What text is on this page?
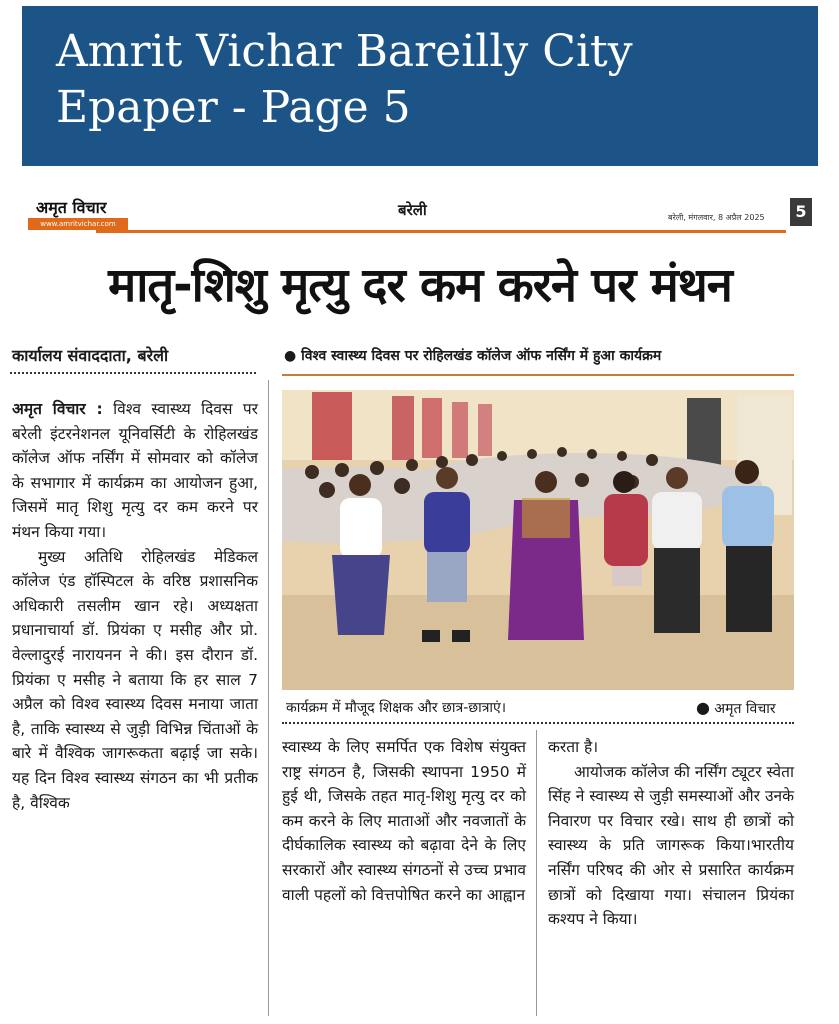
Amrit Vichar Bareilly City
Epaper - Page 5
अमृत विचार
www.amritvichar.com
बरेली	बरेली, मंगलवार, 8 अप्रैल 2025	5
मातृ-शिशु मृत्यु दर कम करने पर मंथन
कार्यालय संवाददाता, बरेली	● विश्व स्वास्थ्य दिवस पर रोहिलखंड कॉलेज ऑफ नर्सिंग में हुआ कार्यक्रम
कार्यक्रम में मौजूद शिक्षक और छात्र-छात्राएं।	● अमृत विचार

अमृत विचार : विश्व स्वास्थ्य दिवस पर बरेली इंटरनेशनल यूनिवर्सिटी के रोहिलखंड कॉलेज ऑफ नर्सिंग में सोमवार को कॉलेज के सभागार में कार्यक्रम का आयोजन हुआ, जिसमें मातृ शिशु मृत्यु दर कम करने पर मंथन किया गया।

मुख्य अतिथि रोहिलखंड मेडिकल कॉलेज एंड हॉस्पिटल के वरिष्ठ प्रशासनिक अधिकारी तसलीम खान रहे। अध्यक्षता प्रधानाचार्या डॉ. प्रियंका ए मसीह और प्रो. वेल्लादुरई नारायनन ने की। इस दौरान डॉ. प्रियंका ए मसीह ने बताया कि हर साल 7 अप्रैल को विश्व स्वास्थ्य दिवस मनाया जाता है, ताकि स्वास्थ्य से जुड़ी विभिन्न चिंताओं के बारे में वैश्विक जागरूकता बढ़ाई जा सके। यह दिन विश्व स्वास्थ्य संगठन का भी प्रतीक है, वैश्विक

स्वास्थ्य के लिए समर्पित एक विशेष संयुक्त राष्ट्र संगठन है, जिसकी स्थापना 1950 में हुई थी, जिसके तहत मातृ-शिशु मृत्यु दर को कम करने के लिए माताओं और नवजातों के दीर्घकालिक स्वास्थ्य को बढ़ावा देने के लिए सरकारों और स्वास्थ्य संगठनों से उच्च प्रभाव वाली पहलों को वित्तपोषित करने का आह्वान

करता है।

आयोजक कॉलेज की नर्सिंग ट्यूटर स्वेता सिंह ने स्वास्थ्य से जुड़ी समस्याओं और उनके निवारण पर विचार रखे। साथ ही छात्रों को स्वास्थ्य के प्रति जागरूक किया।भारतीय नर्सिंग परिषद की ओर से प्रसारित कार्यक्रम छात्रों को दिखाया गया। संचालन प्रियंका कश्यप ने किया।
